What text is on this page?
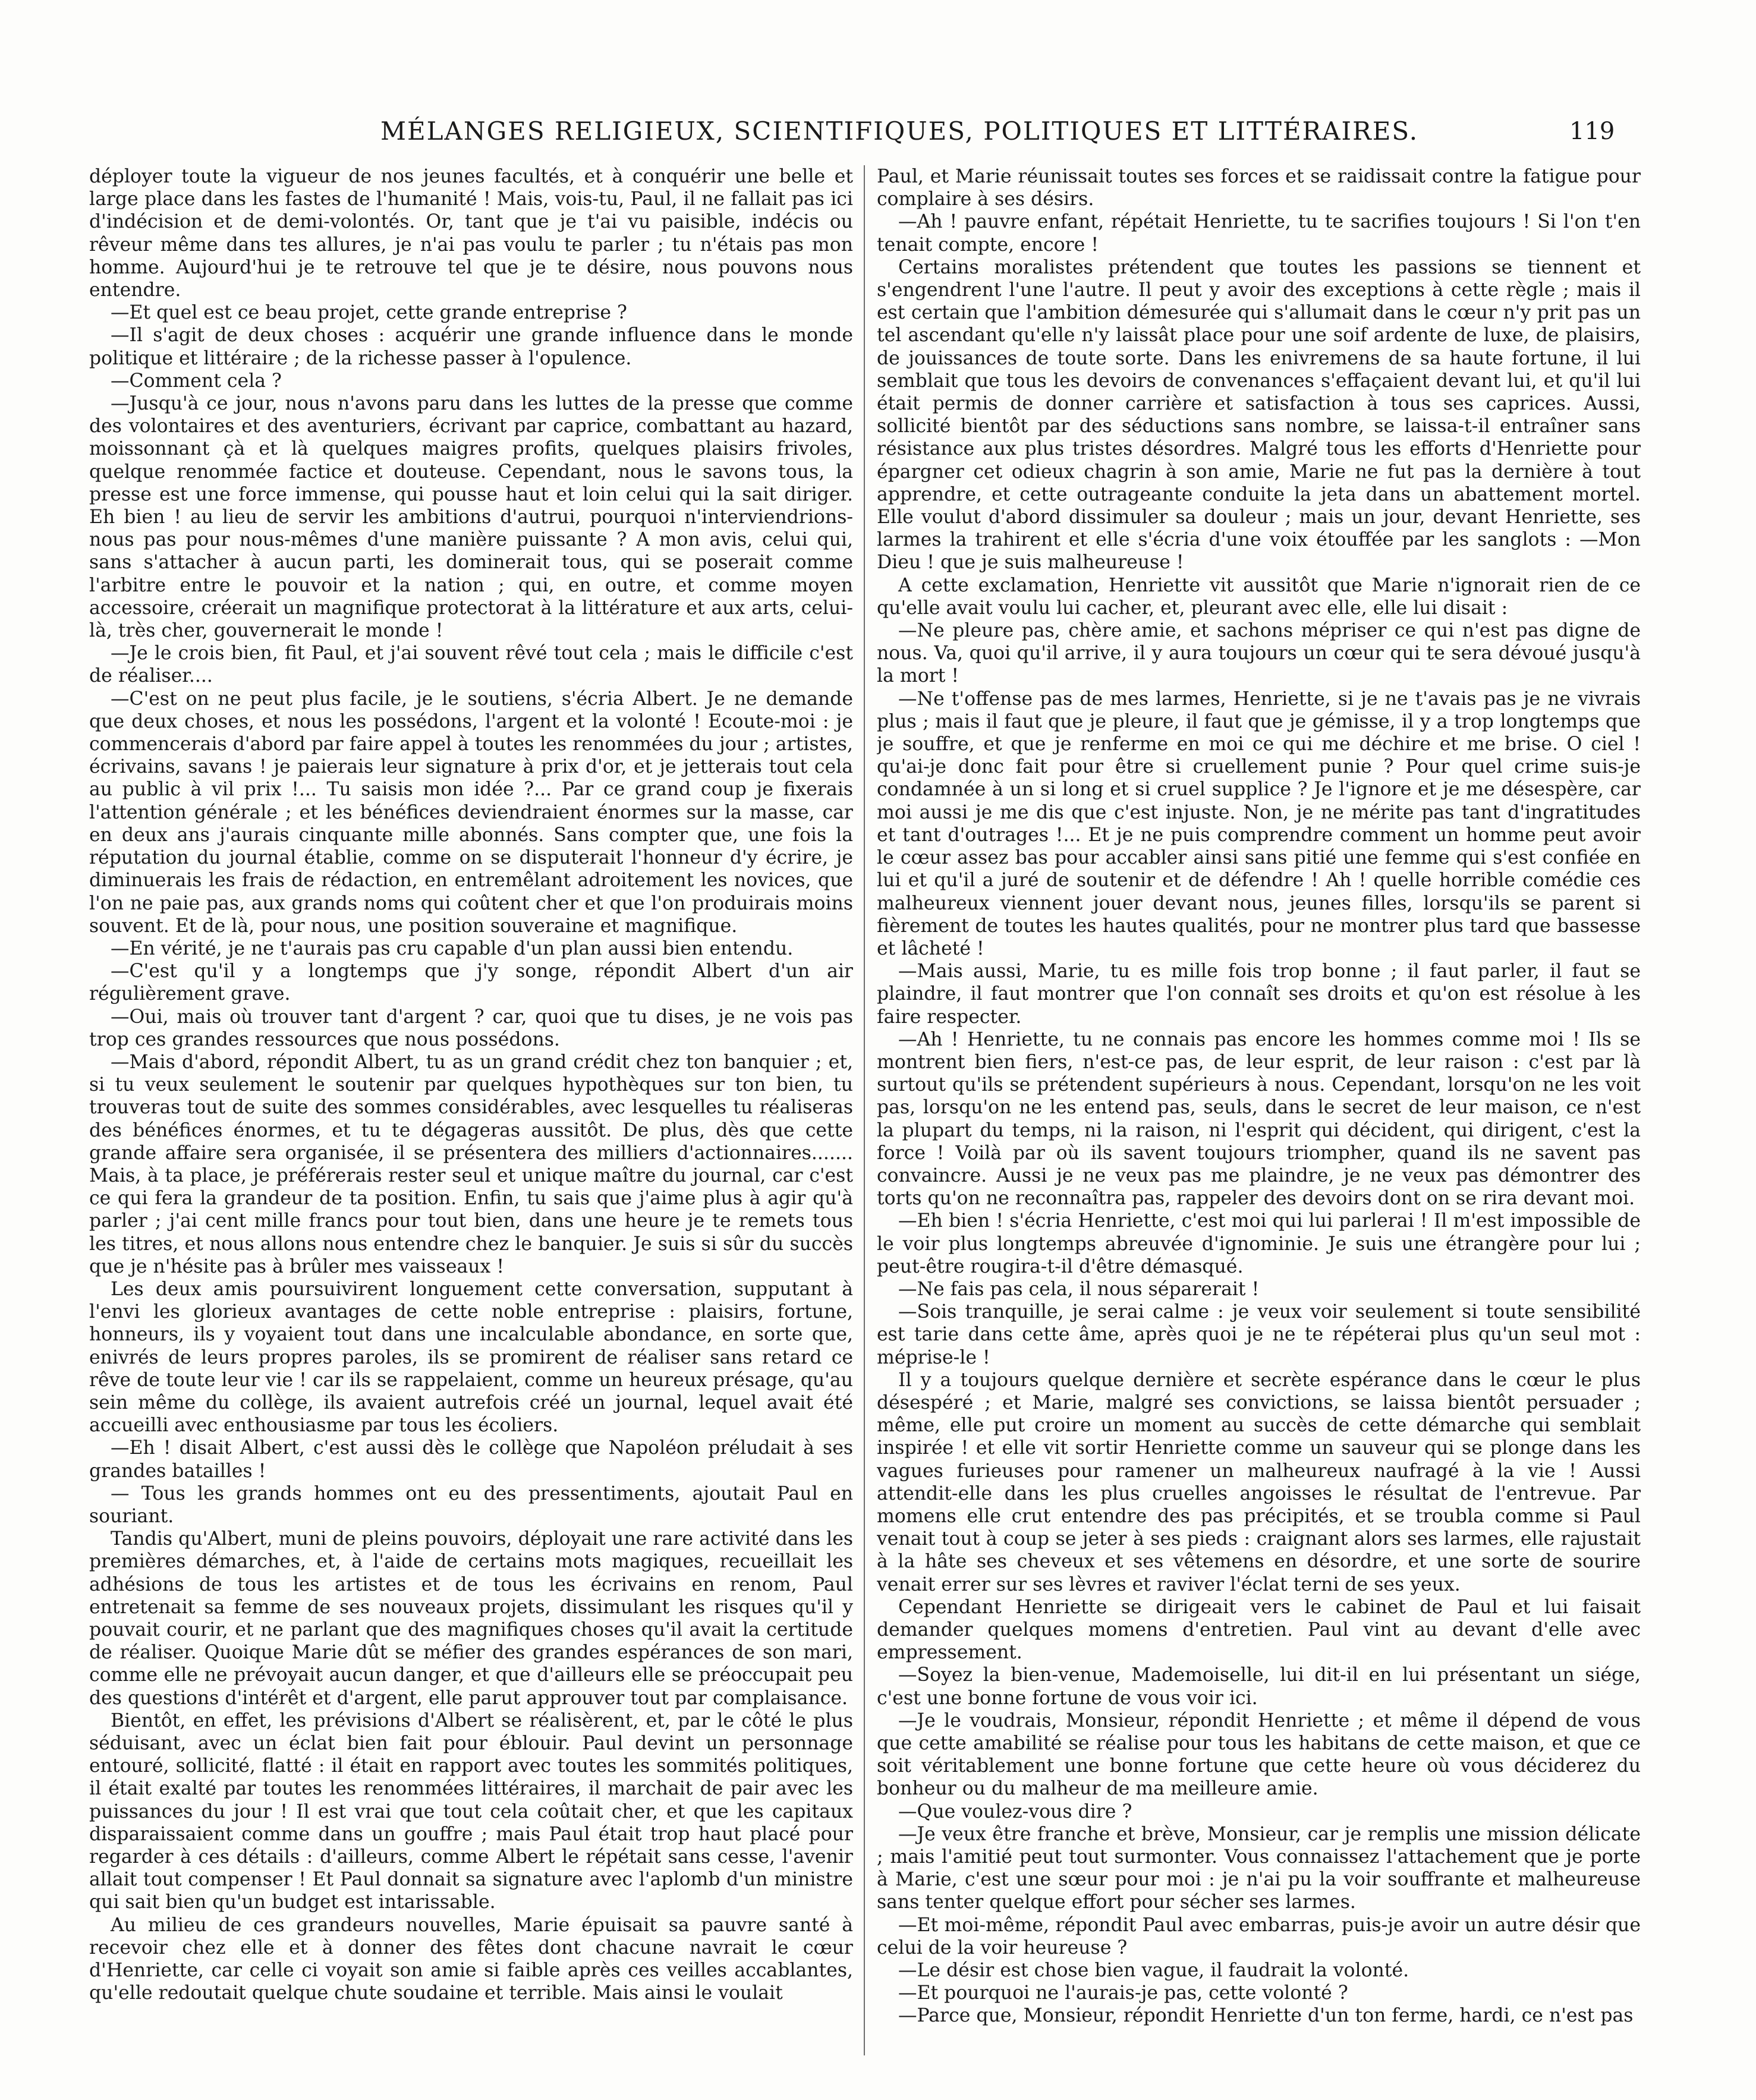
MÉLANGES RELIGIEUX, SCIENTIFIQUES, POLITIQUES ET LITTÉRAIRES.	119

déployer toute la vigueur de nos jeunes facultés, et à conquérir une belle et large place dans les fastes de l'humanité ! Mais, vois-tu, Paul, il ne fallait pas ici d'indécision et de demi-volontés. Or, tant que je t'ai vu paisible, indécis ou rêveur même dans tes allures, je n'ai pas voulu te parler ; tu n'étais pas mon homme. Aujourd'hui je te retrouve tel que je te désire, nous pouvons nous entendre.

—Et quel est ce beau projet, cette grande entreprise ?

—Il s'agit de deux choses : acquérir une grande influence dans le monde politique et littéraire ; de la richesse passer à l'opulence.

—Comment cela ?

—Jusqu'à ce jour, nous n'avons paru dans les luttes de la presse que comme des volontaires et des aventuriers, écrivant par caprice, combattant au hazard, moissonnant çà et là quelques maigres profits, quelques plaisirs frivoles, quelque renommée factice et douteuse. Cependant, nous le savons tous, la presse est une force immense, qui pousse haut et loin celui qui la sait diriger. Eh bien ! au lieu de servir les ambitions d'autrui, pourquoi n'interviendrions-nous pas pour nous-mêmes d'une manière puissante ? A mon avis, celui qui, sans s'attacher à aucun parti, les dominerait tous, qui se poserait comme l'arbitre entre le pouvoir et la nation ; qui, en outre, et comme moyen accessoire, créerait un magnifique protectorat à la littérature et aux arts, celui-là, très cher, gouvernerait le monde !

—Je le crois bien, fit Paul, et j'ai souvent rêvé tout cela ; mais le difficile c'est de réaliser....

—C'est on ne peut plus facile, je le soutiens, s'écria Albert. Je ne demande que deux choses, et nous les possédons, l'argent et la volonté ! Ecoute-moi : je commencerais d'abord par faire appel à toutes les renommées du jour ; artistes, écrivains, savans ! je paierais leur signature à prix d'or, et je jetterais tout cela au public à vil prix !... Tu saisis mon idée ?... Par ce grand coup je fixerais l'attention générale ; et les bénéfices deviendraient énormes sur la masse, car en deux ans j'aurais cinquante mille abonnés. Sans compter que, une fois la réputation du journal établie, comme on se disputerait l'honneur d'y écrire, je diminuerais les frais de rédaction, en entremêlant adroitement les novices, que l'on ne paie pas, aux grands noms qui coûtent cher et que l'on produirais moins souvent. Et de là, pour nous, une position souveraine et magnifique.

—En vérité, je ne t'aurais pas cru capable d'un plan aussi bien entendu.

—C'est qu'il y a longtemps que j'y songe, répondit Albert d'un air régulièrement grave.

—Oui, mais où trouver tant d'argent ? car, quoi que tu dises, je ne vois pas trop ces grandes ressources que nous possédons.

—Mais d'abord, répondit Albert, tu as un grand crédit chez ton banquier ; et, si tu veux seulement le soutenir par quelques hypothèques sur ton bien, tu trouveras tout de suite des sommes considérables, avec lesquelles tu réaliseras des bénéfices énormes, et tu te dégageras aussitôt. De plus, dès que cette grande affaire sera organisée, il se présentera des milliers d'actionnaires....... Mais, à ta place, je préférerais rester seul et unique maître du journal, car c'est ce qui fera la grandeur de ta position. Enfin, tu sais que j'aime plus à agir qu'à parler ; j'ai cent mille francs pour tout bien, dans une heure je te remets tous les titres, et nous allons nous entendre chez le banquier. Je suis si sûr du succès que je n'hésite pas à brûler mes vaisseaux !

Les deux amis poursuivirent longuement cette conversation, supputant à l'envi les glorieux avantages de cette noble entreprise : plaisirs, fortune, honneurs, ils y voyaient tout dans une incalculable abondance, en sorte que, enivrés de leurs propres paroles, ils se promirent de réaliser sans retard ce rêve de toute leur vie ! car ils se rappelaient, comme un heureux présage, qu'au sein même du collège, ils avaient autrefois créé un journal, lequel avait été accueilli avec enthousiasme par tous les écoliers.

—Eh ! disait Albert, c'est aussi dès le collège que Napoléon préludait à ses grandes batailles !

— Tous les grands hommes ont eu des pressentiments, ajoutait Paul en souriant.

Tandis qu'Albert, muni de pleins pouvoirs, déployait une rare activité dans les premières démarches, et, à l'aide de certains mots magiques, recueillait les adhésions de tous les artistes et de tous les écrivains en renom, Paul entretenait sa femme de ses nouveaux projets, dissimulant les risques qu'il y pouvait courir, et ne parlant que des magnifiques choses qu'il avait la certitude de réaliser. Quoique Marie dût se méfier des grandes espérances de son mari, comme elle ne prévoyait aucun danger, et que d'ailleurs elle se préoccupait peu des questions d'intérêt et d'argent, elle parut approuver tout par complaisance.

Bientôt, en effet, les prévisions d'Albert se réalisèrent, et, par le côté le plus séduisant, avec un éclat bien fait pour éblouir. Paul devint un personnage entouré, sollicité, flatté : il était en rapport avec toutes les sommités politiques, il était exalté par toutes les renommées littéraires, il marchait de pair avec les puissances du jour ! Il est vrai que tout cela coûtait cher, et que les capitaux disparaissaient comme dans un gouffre ; mais Paul était trop haut placé pour regarder à ces détails : d'ailleurs, comme Albert le répétait sans cesse, l'avenir allait tout compenser ! Et Paul donnait sa signature avec l'aplomb d'un ministre qui sait bien qu'un budget est intarissable.

Au milieu de ces grandeurs nouvelles, Marie épuisait sa pauvre santé à recevoir chez elle et à donner des fêtes dont chacune navrait le cœur d'Henriette, car celle ci voyait son amie si faible après ces veilles accablantes, qu'elle redoutait quelque chute soudaine et terrible. Mais ainsi le voulait

Paul, et Marie réunissait toutes ses forces et se raidissait contre la fatigue pour complaire à ses désirs.

—Ah ! pauvre enfant, répétait Henriette, tu te sacrifies toujours ! Si l'on t'en tenait compte, encore !

Certains moralistes prétendent que toutes les passions se tiennent et s'engendrent l'une l'autre. Il peut y avoir des exceptions à cette règle ; mais il est certain que l'ambition démesurée qui s'allumait dans le cœur n'y prit pas un tel ascendant qu'elle n'y laissât place pour une soif ardente de luxe, de plaisirs, de jouissances de toute sorte. Dans les enivremens de sa haute fortune, il lui semblait que tous les devoirs de convenances s'effaçaient devant lui, et qu'il lui était permis de donner carrière et satisfaction à tous ses caprices. Aussi, sollicité bientôt par des séductions sans nombre, se laissa-t-il entraîner sans résistance aux plus tristes désordres. Malgré tous les efforts d'Henriette pour épargner cet odieux chagrin à son amie, Marie ne fut pas la dernière à tout apprendre, et cette outrageante conduite la jeta dans un abattement mortel. Elle voulut d'abord dissimuler sa douleur ; mais un jour, devant Henriette, ses larmes la trahirent et elle s'écria d'une voix étouffée par les sanglots : —Mon Dieu ! que je suis malheureuse !

A cette exclamation, Henriette vit aussitôt que Marie n'ignorait rien de ce qu'elle avait voulu lui cacher, et, pleurant avec elle, elle lui disait :

—Ne pleure pas, chère amie, et sachons mépriser ce qui n'est pas digne de nous. Va, quoi qu'il arrive, il y aura toujours un cœur qui te sera dévoué jusqu'à la mort !

—Ne t'offense pas de mes larmes, Henriette, si je ne t'avais pas je ne vivrais plus ; mais il faut que je pleure, il faut que je gémisse, il y a trop longtemps que je souffre, et que je renferme en moi ce qui me déchire et me brise. O ciel ! qu'ai-je donc fait pour être si cruellement punie ? Pour quel crime suis-je condamnée à un si long et si cruel supplice ? Je l'ignore et je me désespère, car moi aussi je me dis que c'est injuste. Non, je ne mérite pas tant d'ingratitudes et tant d'outrages !... Et je ne puis comprendre comment un homme peut avoir le cœur assez bas pour accabler ainsi sans pitié une femme qui s'est confiée en lui et qu'il a juré de soutenir et de défendre ! Ah ! quelle horrible comédie ces malheureux viennent jouer devant nous, jeunes filles, lorsqu'ils se parent si fièrement de toutes les hautes qualités, pour ne montrer plus tard que bassesse et lâcheté !

—Mais aussi, Marie, tu es mille fois trop bonne ; il faut parler, il faut se plaindre, il faut montrer que l'on connaît ses droits et qu'on est résolue à les faire respecter.

—Ah ! Henriette, tu ne connais pas encore les hommes comme moi ! Ils se montrent bien fiers, n'est-ce pas, de leur esprit, de leur raison : c'est par là surtout qu'ils se prétendent supérieurs à nous. Cependant, lorsqu'on ne les voit pas, lorsqu'on ne les entend pas, seuls, dans le secret de leur maison, ce n'est la plupart du temps, ni la raison, ni l'esprit qui décident, qui dirigent, c'est la force ! Voilà par où ils savent toujours triompher, quand ils ne savent pas convaincre. Aussi je ne veux pas me plaindre, je ne veux pas démontrer des torts qu'on ne reconnaîtra pas, rappeler des devoirs dont on se rira devant moi.

—Eh bien ! s'écria Henriette, c'est moi qui lui parlerai ! Il m'est impossible de le voir plus longtemps abreuvée d'ignominie. Je suis une étrangère pour lui ; peut-être rougira-t-il d'être démasqué.

—Ne fais pas cela, il nous séparerait !

—Sois tranquille, je serai calme : je veux voir seulement si toute sensibilité est tarie dans cette âme, après quoi je ne te répéterai plus qu'un seul mot : méprise-le !

Il y a toujours quelque dernière et secrète espérance dans le cœur le plus désespéré ; et Marie, malgré ses convictions, se laissa bientôt persuader ; même, elle put croire un moment au succès de cette démarche qui semblait inspirée ! et elle vit sortir Henriette comme un sauveur qui se plonge dans les vagues furieuses pour ramener un malheureux naufragé à la vie ! Aussi attendit-elle dans les plus cruelles angoisses le résultat de l'entrevue. Par momens elle crut entendre des pas précipités, et se troubla comme si Paul venait tout à coup se jeter à ses pieds : craignant alors ses larmes, elle rajustait à la hâte ses cheveux et ses vêtemens en désordre, et une sorte de sourire venait errer sur ses lèvres et raviver l'éclat terni de ses yeux.

Cependant Henriette se dirigeait vers le cabinet de Paul et lui faisait demander quelques momens d'entretien. Paul vint au devant d'elle avec empressement.

—Soyez la bien-venue, Mademoiselle, lui dit-il en lui présentant un siége, c'est une bonne fortune de vous voir ici.

—Je le voudrais, Monsieur, répondit Henriette ; et même il dépend de vous que cette amabilité se réalise pour tous les habitans de cette maison, et que ce soit véritablement une bonne fortune que cette heure où vous déciderez du bonheur ou du malheur de ma meilleure amie.

—Que voulez-vous dire ?

—Je veux être franche et brève, Monsieur, car je remplis une mission délicate ; mais l'amitié peut tout surmonter. Vous connaissez l'attachement que je porte à Marie, c'est une sœur pour moi : je n'ai pu la voir souffrante et malheureuse sans tenter quelque effort pour sécher ses larmes.

—Et moi-même, répondit Paul avec embarras, puis-je avoir un autre désir que celui de la voir heureuse ?

—Le désir est chose bien vague, il faudrait la volonté.

—Et pourquoi ne l'aurais-je pas, cette volonté ?

—Parce que, Monsieur, répondit Henriette d'un ton ferme, hardi, ce n'est pas
